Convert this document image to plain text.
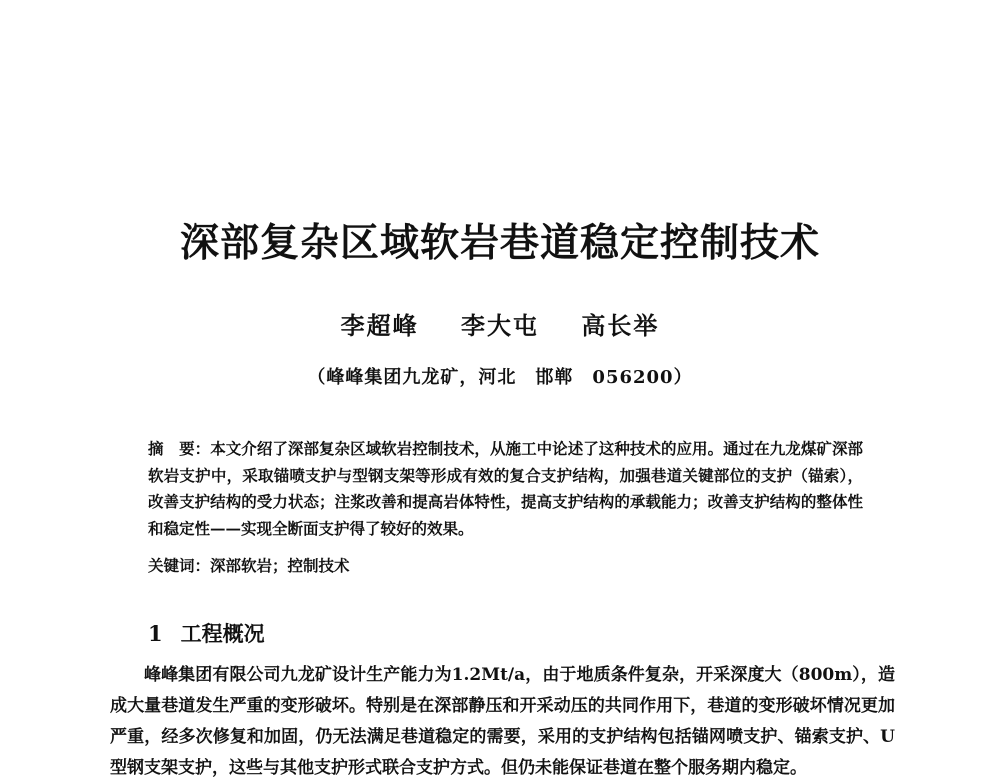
深部复杂区域软岩巷道稳定控制技术
李超峰 李大屯 高长举
（峰峰集团九龙矿，河北　邯郸　056200）

摘　要：本文介绍了深部复杂区域软岩控制技术，从施工中论述了这种技术的应用。通过在九龙煤矿深部软岩支护中，采取锚喷支护与型钢支架等形成有效的复合支护结构，加强巷道关键部位的支护（锚索），改善支护结构的受力状态；注浆改善和提高岩体特性，提高支护结构的承载能力；改善支护结构的整体性和稳定性——实现全断面支护得了较好的效果。

关键词：深部软岩；控制技术
1 工程概况

峰峰集团有限公司九龙矿设计生产能力为1.2Mt/a，由于地质条件复杂，开采深度大（800m），造成大量巷道发生严重的变形破坏。特别是在深部静压和开采动压的共同作用下，巷道的变形破坏情况更加严重，经多次修复和加固，仍无法满足巷道稳定的需要，采用的支护结构包括锚网喷支护、锚索支护、U型钢支架支护，这些与其他支护形式联合支护方式。但仍未能保证巷道在整个服务期内稳定。
